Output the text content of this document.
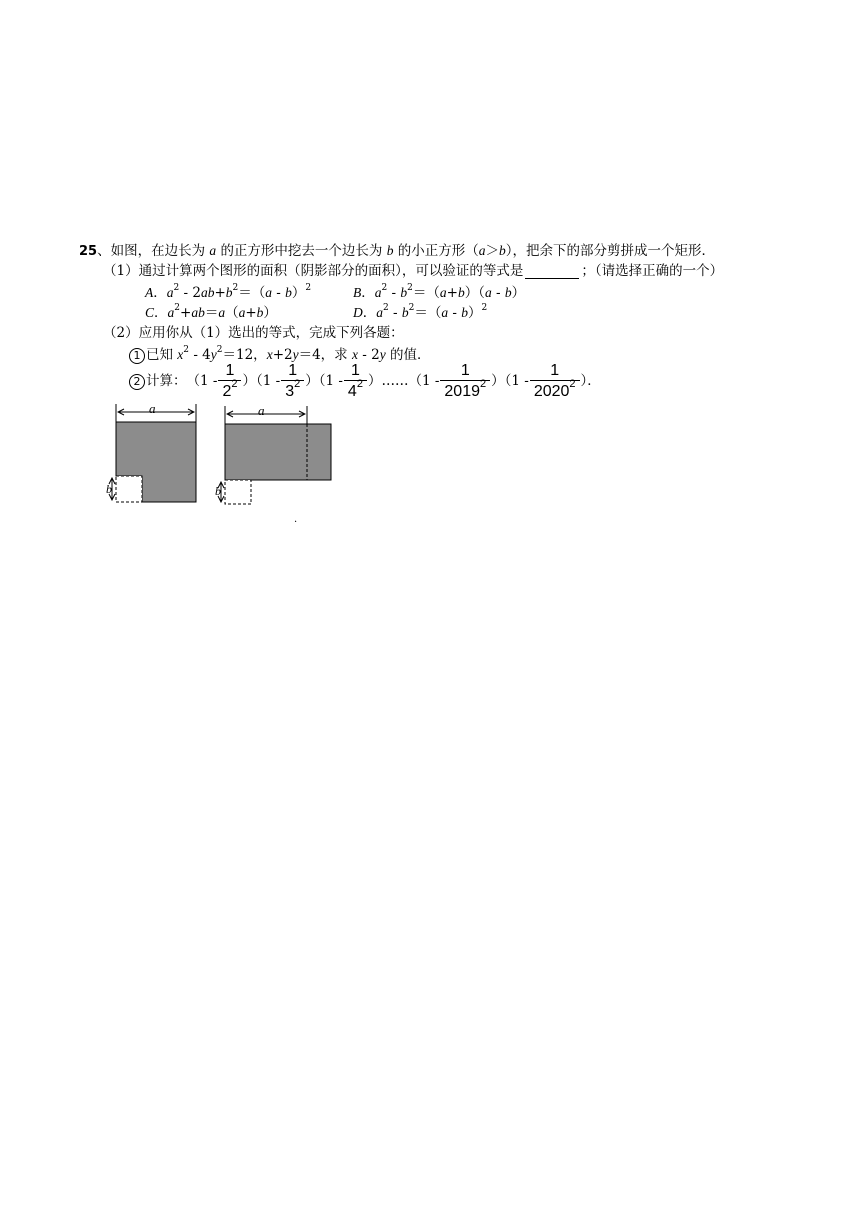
25、如图，在边长为 a 的正方形中挖去一个边长为 b 的小正方形（a＞b），把余下的部分剪拼成一个矩形．
（1）通过计算两个图形的面积（阴影部分的面积），可以验证的等式是	；（请选择正确的一个）
A．$a^2 - 2ab+b^2=(a - b)^2$	B．$a^2 - b^2=(a+b)(a - b)$
C．$a^2+ab=a(a+b)$	D．$a^2 - b^2=(a - b)^2$
（2）应用你从（1）选出的等式，完成下列各题：
1 已知 $x^2 - 4y^2=12$，x+2y＝4，求 x - 2y 的值．
2 计算： $(1 - \frac{1}{2^2} )(1 - \frac{1}{3^2} )(1 - \frac{1}{4^2}$ ）……（1 - $\frac{1}{2019^2} )(1 - \frac{1}{2020^2}$ ）．
a
b
a
b
.
